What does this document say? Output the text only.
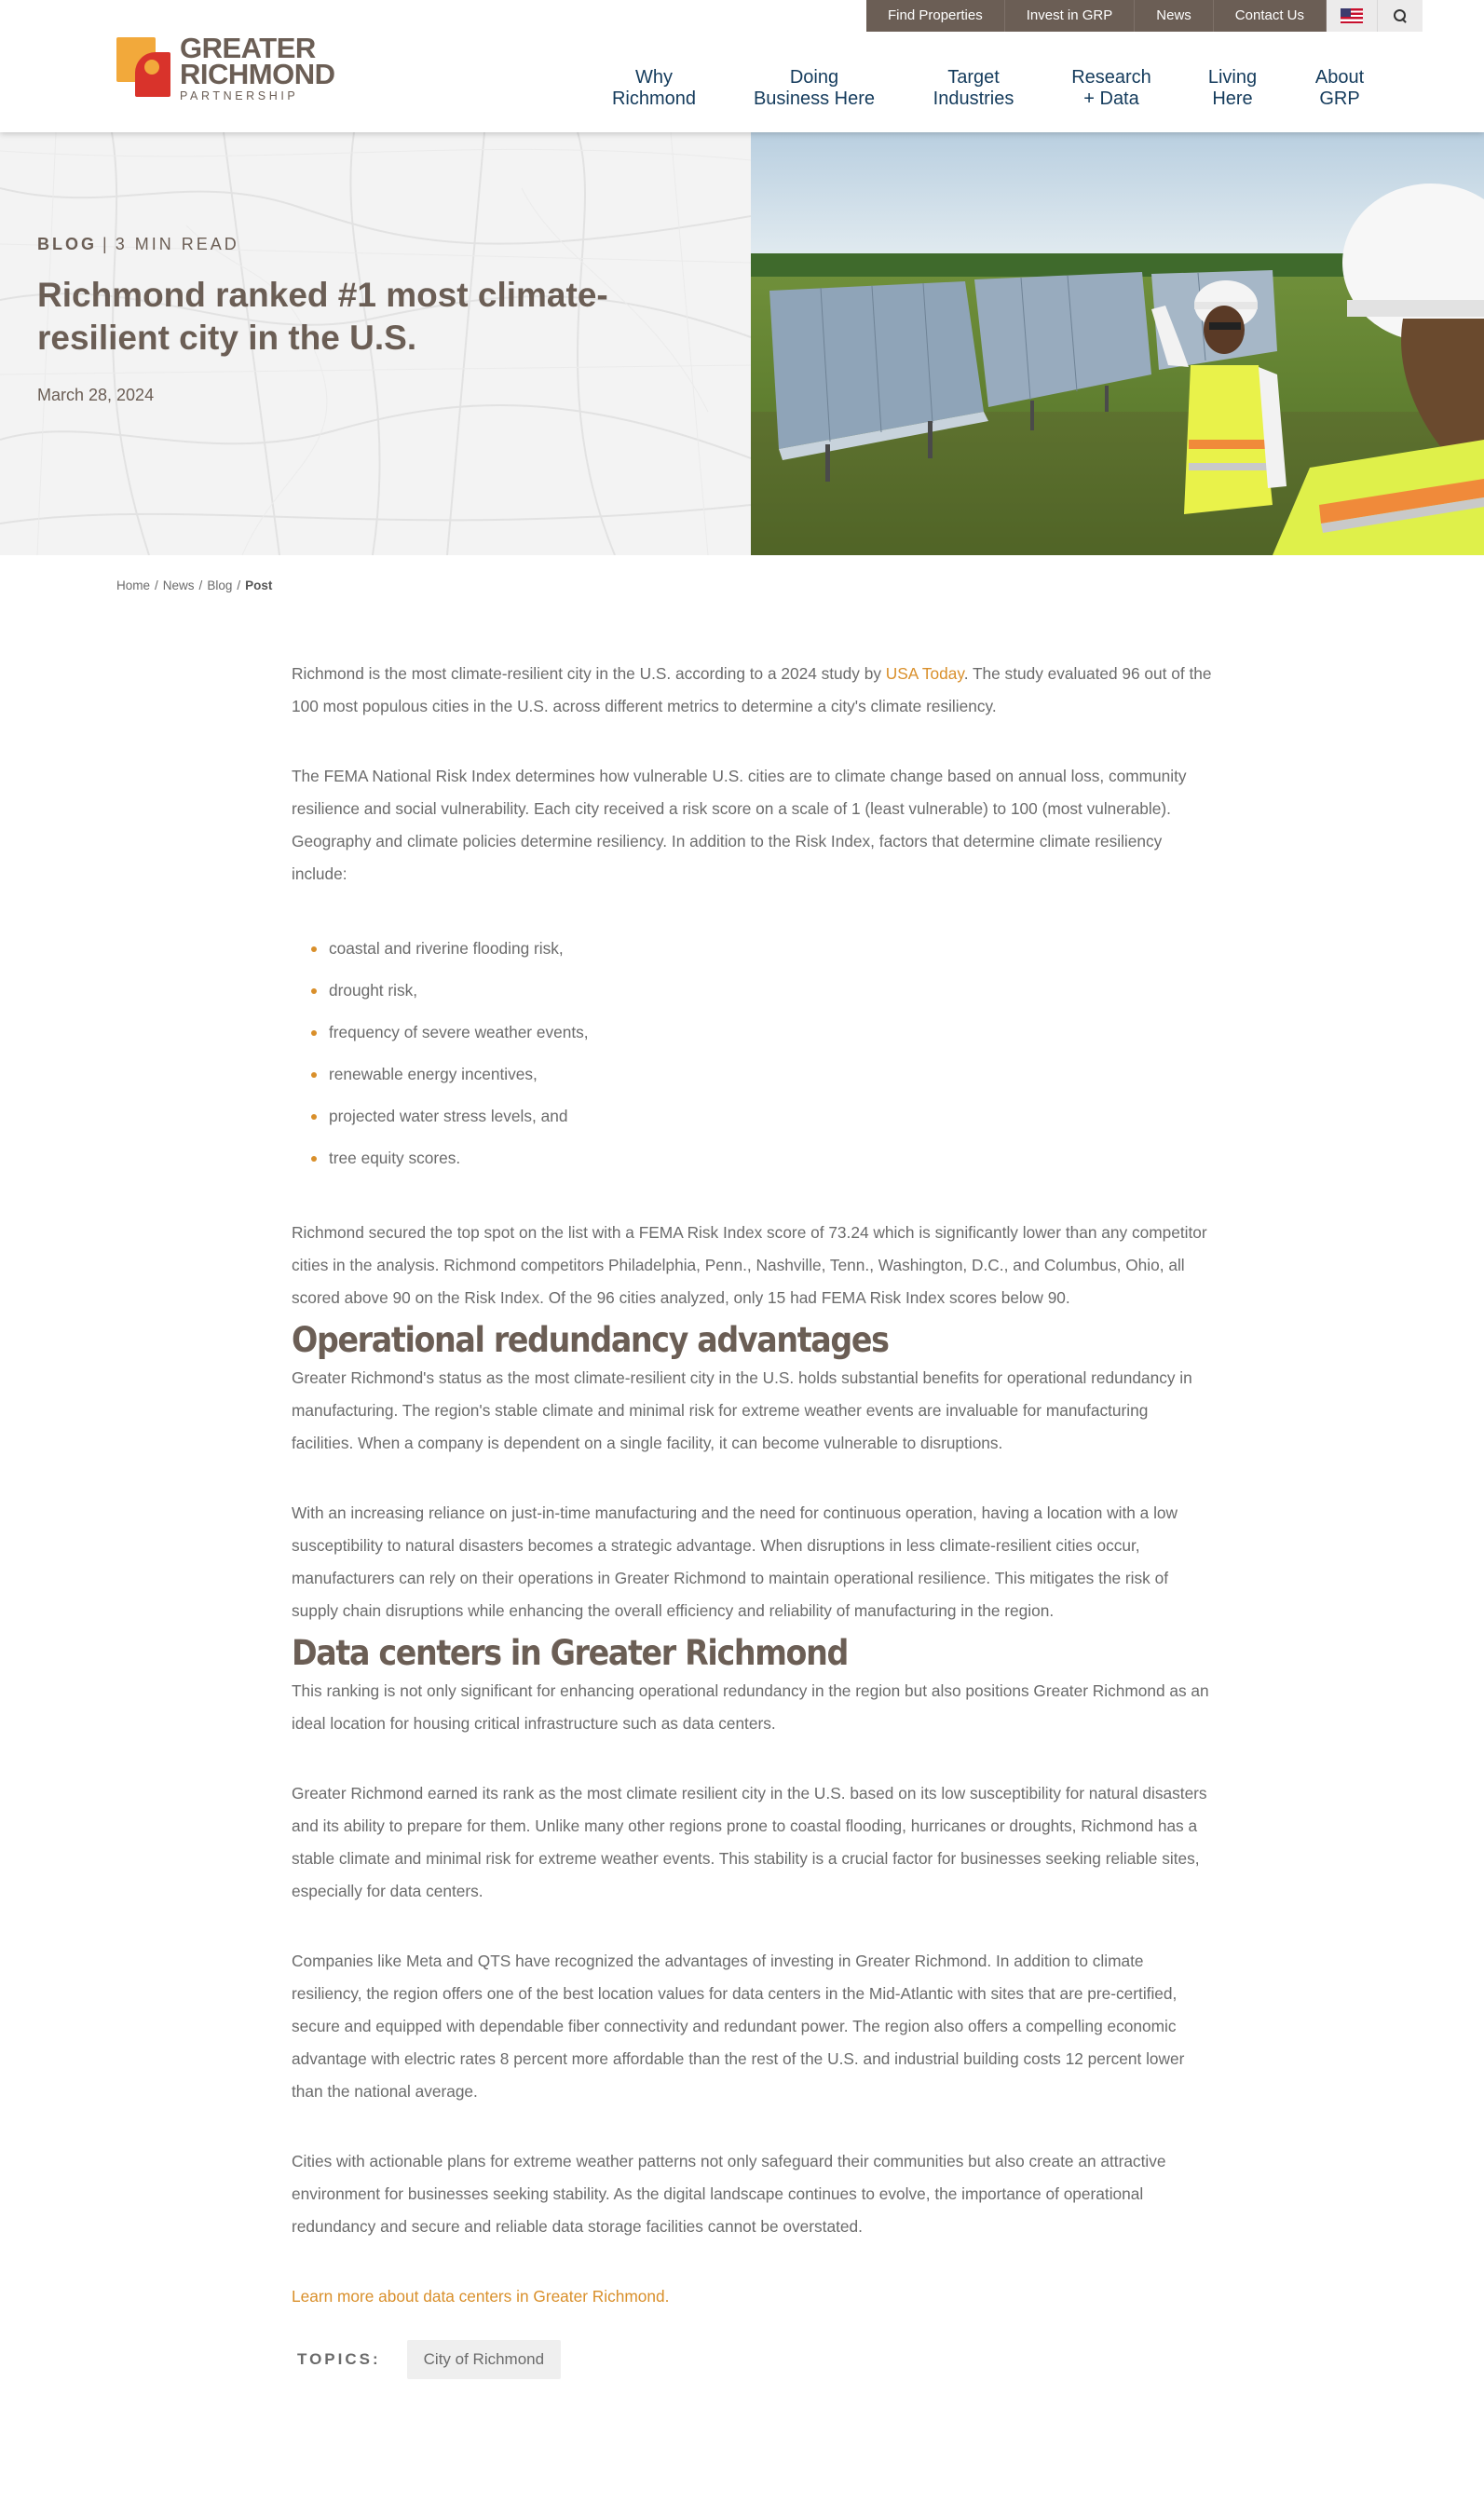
Find Properties	Invest in GRP	News	Contact Us
GREATER
RICHMOND
PARTNERSHIP
Why
Richmond
Doing
Business Here
Target
Industries
Research
+ Data
Living
Here
About
GRP
BLOG | 3 MIN READ
Richmond ranked #1 most climate-resilient city in the U.S.
March 28, 2024
Home / News / Blog / Post

Richmond is the most climate-resilient city in the U.S. according to a 2024 study by USA Today. The study evaluated 96 out of the 100 most populous cities in the U.S. across different metrics to determine a city's climate resiliency.

The FEMA National Risk Index determines how vulnerable U.S. cities are to climate change based on annual loss, community resilience and social vulnerability. Each city received a risk score on a scale of 1 (least vulnerable) to 100 (most vulnerable). Geography and climate policies determine resiliency. In addition to the Risk Index, factors that determine climate resiliency include:

coastal and riverine flooding risk,
drought risk,
frequency of severe weather events,
renewable energy incentives,
projected water stress levels, and
tree equity scores.

Richmond secured the top spot on the list with a FEMA Risk Index score of 73.24 which is significantly lower than any competitor cities in the analysis. Richmond competitors Philadelphia, Penn., Nashville, Tenn., Washington, D.C., and Columbus, Ohio, all scored above 90 on the Risk Index. Of the 96 cities analyzed, only 15 had FEMA Risk Index scores below 90.

Operational redundancy advantages

Greater Richmond's status as the most climate-resilient city in the U.S. holds substantial benefits for operational redundancy in manufacturing. The region's stable climate and minimal risk for extreme weather events are invaluable for manufacturing facilities. When a company is dependent on a single facility, it can become vulnerable to disruptions.

With an increasing reliance on just-in-time manufacturing and the need for continuous operation, having a location with a low susceptibility to natural disasters becomes a strategic advantage. When disruptions in less climate-resilient cities occur, manufacturers can rely on their operations in Greater Richmond to maintain operational resilience. This mitigates the risk of supply chain disruptions while enhancing the overall efficiency and reliability of manufacturing in the region.

Data centers in Greater Richmond

This ranking is not only significant for enhancing operational redundancy in the region but also positions Greater Richmond as an ideal location for housing critical infrastructure such as data centers.

Greater Richmond earned its rank as the most climate resilient city in the U.S. based on its low susceptibility for natural disasters and its ability to prepare for them. Unlike many other regions prone to coastal flooding, hurricanes or droughts, Richmond has a stable climate and minimal risk for extreme weather events. This stability is a crucial factor for businesses seeking reliable sites, especially for data centers.

Companies like Meta and QTS have recognized the advantages of investing in Greater Richmond. In addition to climate resiliency, the region offers one of the best location values for data centers in the Mid-Atlantic with sites that are pre-certified, secure and equipped with dependable fiber connectivity and redundant power. The region also offers a compelling economic advantage with electric rates 8 percent more affordable than the rest of the U.S. and industrial building costs 12 percent lower than the national average.

Cities with actionable plans for extreme weather patterns not only safeguard their communities but also create an attractive environment for businesses seeking stability. As the digital landscape continues to evolve, the importance of operational redundancy and secure and reliable data storage facilities cannot be overstated.

Learn more about data centers in Greater Richmond.
TOPICS:	City of Richmond
